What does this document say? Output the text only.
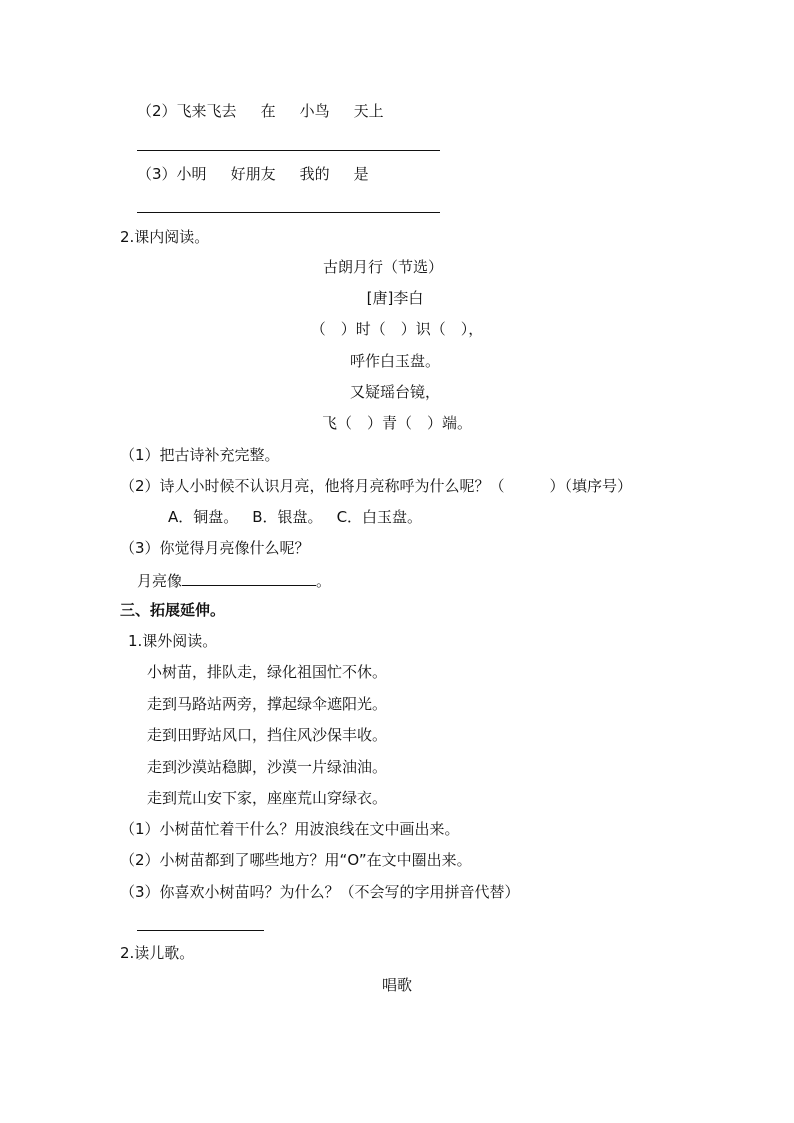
（2）飞来飞去 在 小鸟 天上
（3）小明 好朋友 我的 是
2.课内阅读。
古朗月行（节选）
[唐]李白
（　）时（　）识（　），
呼作白玉盘。
又疑瑶台镜，
飞（　）青（　）端。
（1）把古诗补充完整。
（2）诗人小时候不认识月亮，他将月亮称呼为什么呢？（　　　）（填序号）
A．铜盘。 B．银盘。 C．白玉盘。
（3）你觉得月亮像什么呢？
月亮像	。
三、拓展延伸。
1.课外阅读。
小树苗，排队走，绿化祖国忙不休。
走到马路站两旁，撑起绿伞遮阳光。
走到田野站风口，挡住风沙保丰收。
走到沙漠站稳脚，沙漠一片绿油油。
走到荒山安下家，座座荒山穿绿衣。
（1）小树苗忙着干什么？用波浪线在文中画出来。
（2）小树苗都到了哪些地方？用“O”在文中圈出来。
（3）你喜欢小树苗吗？为什么？（不会写的字用拼音代替）
2.读儿歌。
唱歌
